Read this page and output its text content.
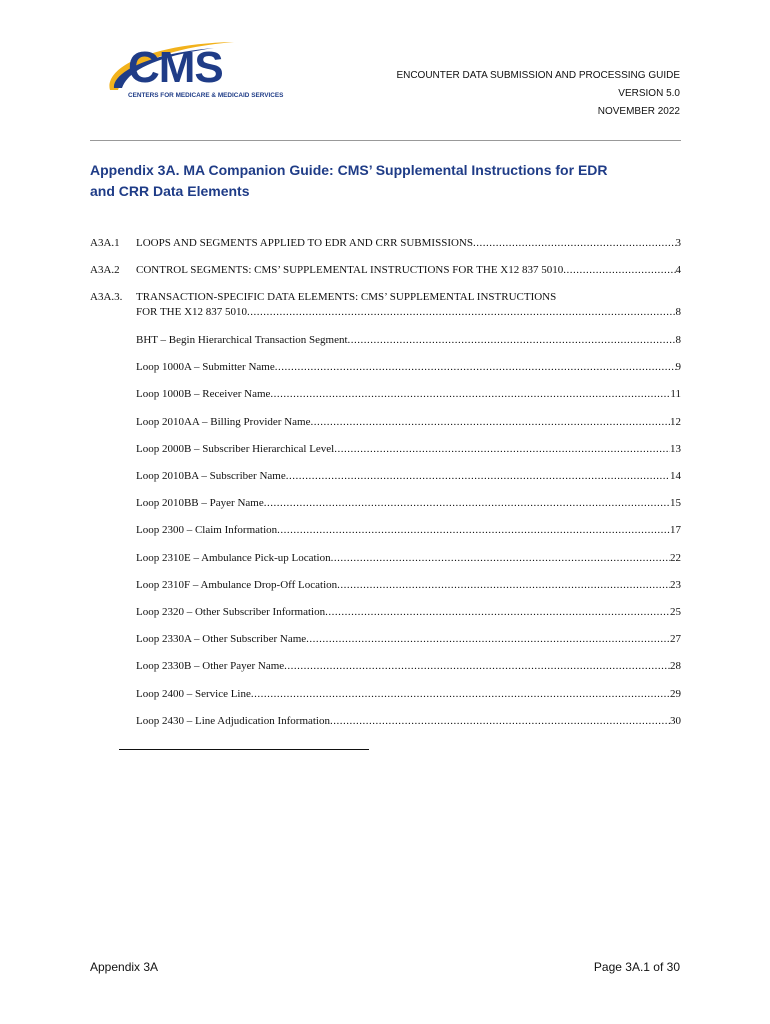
CMS
CENTERS FOR MEDICARE & MEDICAID SERVICES
ENCOUNTER DATA SUBMISSION AND PROCESSING GUIDE
VERSION 5.0
NOVEMBER 2022
Appendix 3A. MA Companion Guide: CMS’ Supplemental Instructions for EDR
and CRR Data Elements
A3A.1 LOOPS AND SEGMENTS APPLIED TO EDR AND CRR SUBMISSIONS .....	3
A3A.2 CONTROL SEGMENTS: CMS’ SUPPLEMENTAL INSTRUCTIONS FOR THE X12 837 5010 .....	4
A3A.3. TRANSACTION-SPECIFIC DATA ELEMENTS: CMS’ SUPPLEMENTAL INSTRUCTIONS
FOR THE X12 837 5010 .....	8
BHT – Begin Hierarchical Transaction Segment .....	8
Loop 1000A – Submitter Name .....	9
Loop 1000B – Receiver Name .....	11
Loop 2010AA – Billing Provider Name .....	12
Loop 2000B – Subscriber Hierarchical Level .....	13
Loop 2010BA – Subscriber Name .....	14
Loop 2010BB – Payer Name .....	15
Loop 2300 – Claim Information .....	17
Loop 2310E – Ambulance Pick-up Location .....	22
Loop 2310F – Ambulance Drop-Off Location .....	23
Loop 2320 – Other Subscriber Information .....	25
Loop 2330A – Other Subscriber Name .....	27
Loop 2330B – Other Payer Name .....	28
Loop 2400 – Service Line .....	29
Loop 2430 – Line Adjudication Information .....	30
Appendix 3A	Page 3A.1 of 30
